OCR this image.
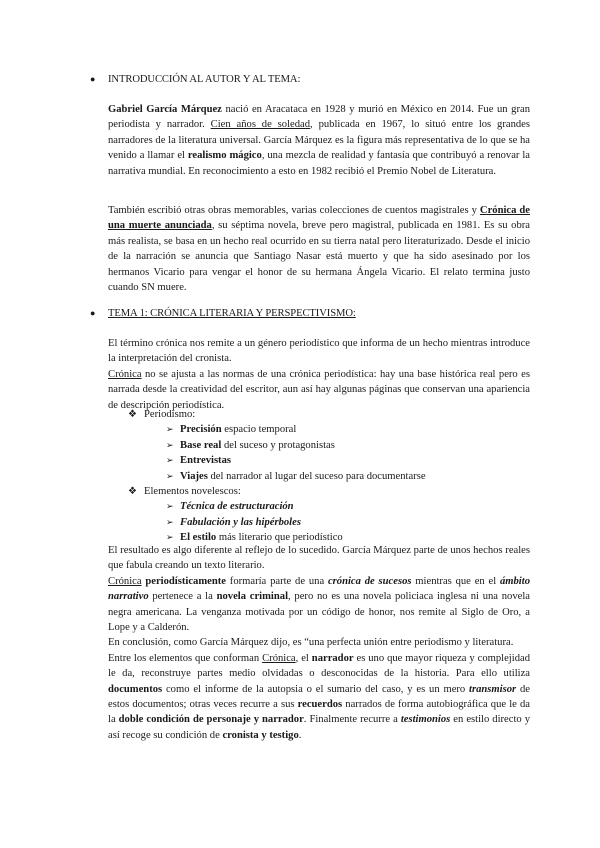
● INTRODUCCIÓN AL AUTOR Y AL TEMA:

Gabriel García Márquez nació en Aracataca en 1928 y murió en México en 2014. Fue un gran periodista y narrador. Cien años de soledad, publicada en 1967, lo situó entre los grandes narradores de la literatura universal. García Márquez es la figura más representativa de lo que se ha venido a llamar el realismo mágico, una mezcla de realidad y fantasía que contribuyó a renovar la narrativa mundial. En reconocimiento a esto en 1982 recibió el Premio Nobel de Literatura.

También escribió otras obras memorables, varias colecciones de cuentos magistrales y Crónica de una muerte anunciada, su séptima novela, breve pero magistral, publicada en 1981. Es su obra más realista, se basa en un hecho real ocurrido en su tierra natal pero literaturizado. Desde el inicio de la narración se anuncia que Santiago Nasar está muerto y que ha sido asesinado por los hermanos Vicario para vengar el honor de su hermana Ángela Vicario. El relato termina justo cuando SN muere.

● TEMA 1: CRÓNICA LITERARIA Y PERSPECTIVISMO:

El término crónica nos remite a un género periodístico que informa de un hecho mientras introduce la interpretación del cronista.

Crónica no se ajusta a las normas de una crónica periodística: hay una base histórica real pero es narrada desde la creatividad del escritor, aun así hay algunas páginas que conservan una apariencia de descripción periodística.

❖ Periodismo:
➢ Precisión espacio temporal
➢ Base real del suceso y protagonistas
➢ Entrevistas
➢ Viajes del narrador al lugar del suceso para documentarse
❖ Elementos novelescos:
➢ Técnica de estructuración
➢ Fabulación y las hipérboles
➢ El estilo más literario que periodístico

El resultado es algo diferente al reflejo de lo sucedido. García Márquez parte de unos hechos reales que fabula creando un texto literario.

Crónica periodísticamente formaría parte de una crónica de sucesos mientras que en el ámbito narrativo pertenece a la novela criminal, pero no es una novela policiaca inglesa ni una novela negra americana. La venganza motivada por un código de honor, nos remite al Siglo de Oro, a Lope y a Calderón.

En conclusión, como García Márquez dijo, es “una perfecta unión entre periodismo y literatura.

Entre los elementos que conforman Crónica, el narrador es uno que mayor riqueza y complejidad le da, reconstruye partes medio olvidadas o desconocidas de la historia. Para ello utiliza documentos como el informe de la autopsia o el sumario del caso, y es un mero transmisor de estos documentos; otras veces recurre a sus recuerdos narrados de forma autobiográfica que le da la doble condición de personaje y narrador. Finalmente recurre a testimonios en estilo directo y así recoge su condición de cronista y testigo.
